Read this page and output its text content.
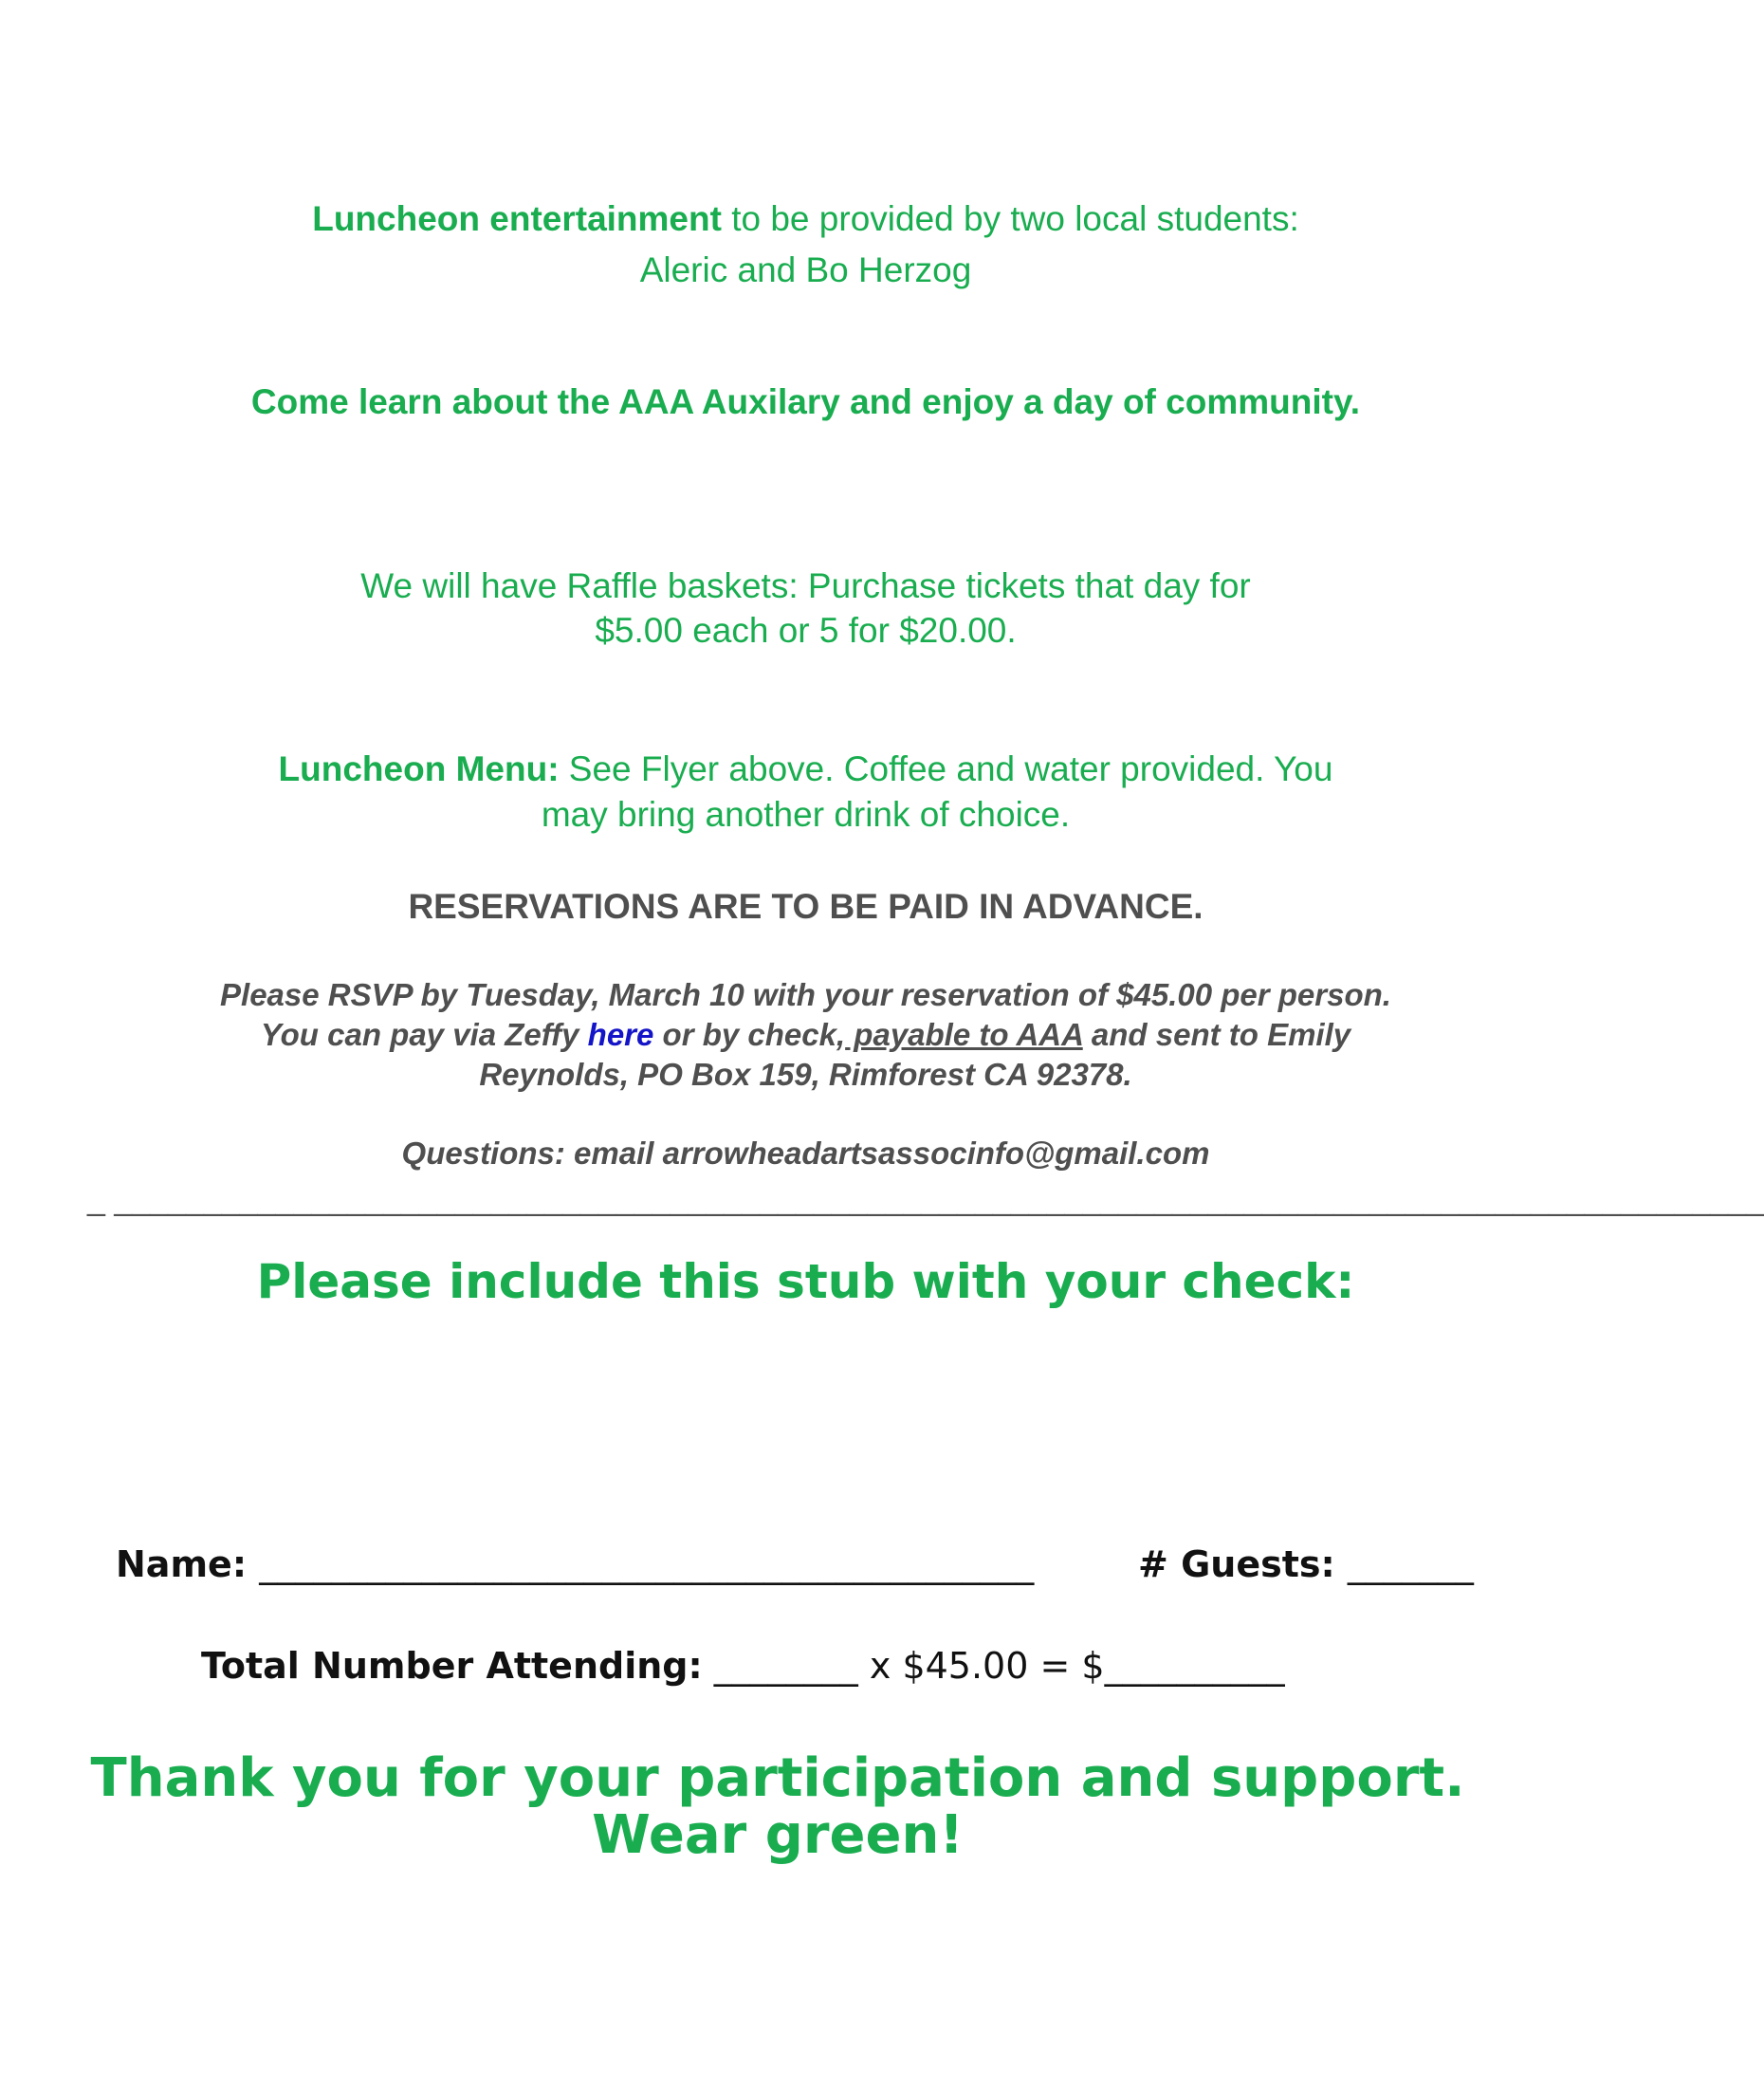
Luncheon entertainment to be provided by two local students:
Aleric and Bo Herzog
Come learn about the AAA Auxilary and enjoy a day of community.
We will have Raffle baskets: Purchase tickets that day for
$5.00 each or 5 for $20.00.
Luncheon Menu: See Flyer above. Coffee and water provided. You
may bring another drink of choice.
RESERVATIONS ARE TO BE PAID IN ADVANCE.
Please RSVP by Tuesday, March 10 with your reservation of $45.00 per person.
You can pay via Zeffy here or by check, payable to AAA and sent to Emily
Reynolds, PO Box 159, Rimforest CA 92378.
Questions: email arrowheadartsassocinfo@gmail.com
_ ____________________________________________________________________________________________
Please include this stub with your check:
Name: ___________________________________________	# Guests: _______
Total Number Attending: ________ x $45.00 = $__________
Thank you for your participation and support.
Wear green!
